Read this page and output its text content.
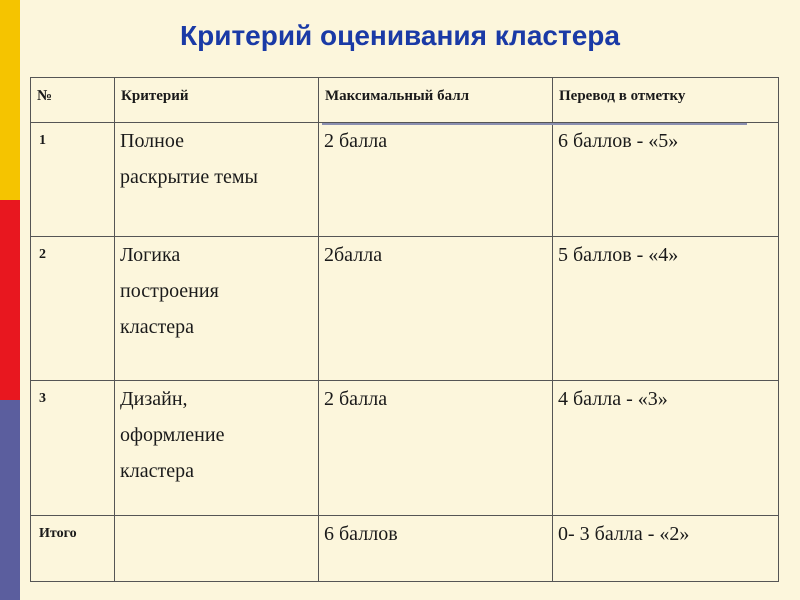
Критерий оценивания кластера
№	Критерий	Максимальный балл	Перевод в отметку
1	Полное
раскрытие темы	2 балла	6 баллов - «5»
2	Логика
построения
кластера	2балла	5 баллов - «4»
3	Дизайн,
оформление
кластера	2 балла	4 балла - «3»
Итого		6 баллов	0- 3 балла - «2»
